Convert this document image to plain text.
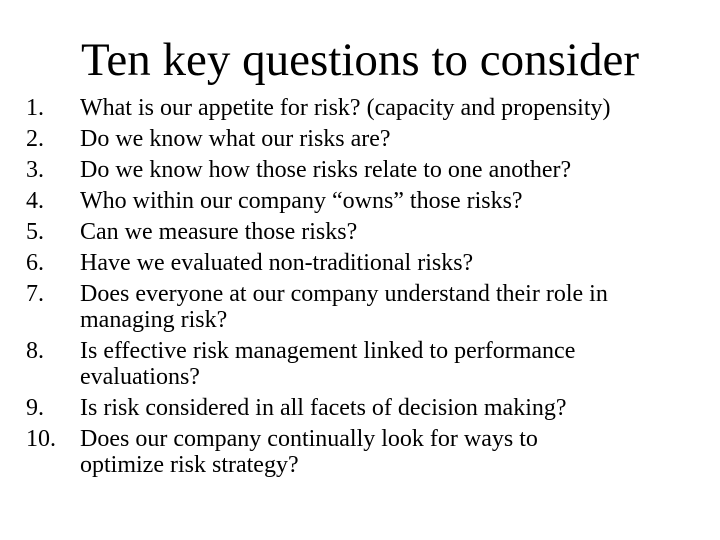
Ten key questions to consider
1. What is our appetite for risk? (capacity and propensity)
2. Do we know what our risks are?
3. Do we know how those risks relate to one another?
4. Who within our company “owns” those risks?
5. Can we measure those risks?
6. Have we evaluated non-traditional risks?
7. Does everyone at our company understand their role in
managing risk?
8. Is effective risk management linked to performance
evaluations?
9. Is risk considered in all facets of decision making?
10. Does our company continually look for ways to
optimize risk strategy?
